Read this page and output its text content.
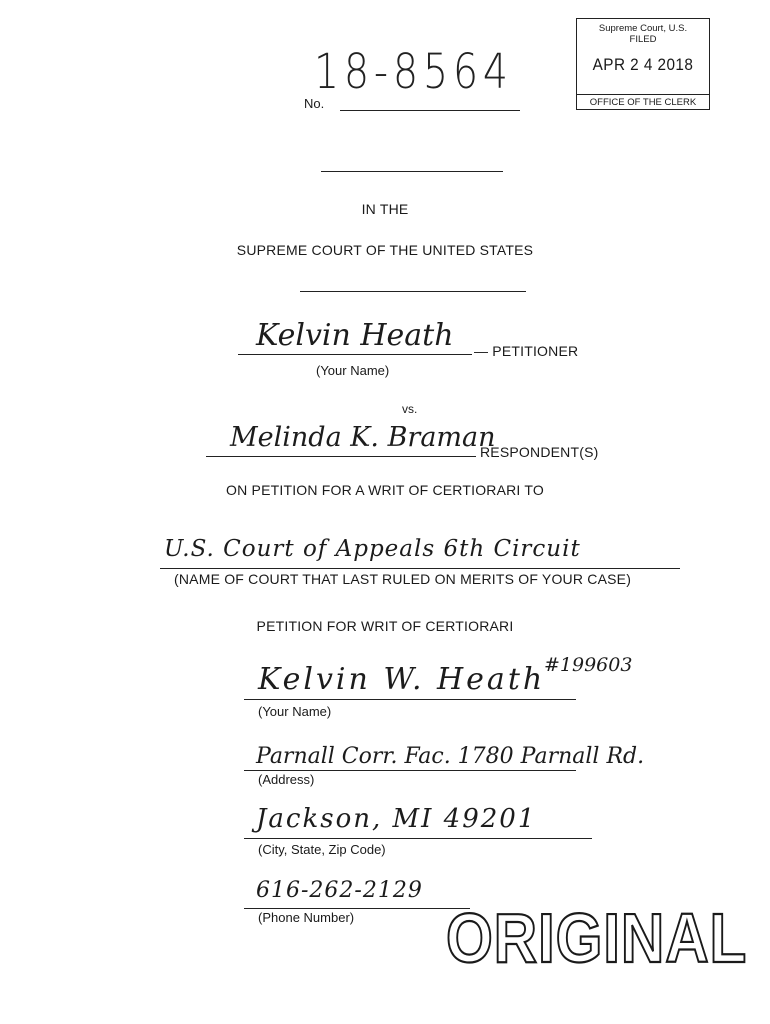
Supreme Court, U.S.
FILED
APR 2 4 2018
OFFICE OF THE CLERK
18-8564
No.
IN THE
SUPREME COURT OF THE UNITED STATES
Kelvin Heath — PETITIONER
(Your Name)
vs.
Melinda K. Braman
RESPONDENT(S)
ON PETITION FOR A WRIT OF CERTIORARI TO
U.S. Court of Appeals 6th Circuit
(NAME OF COURT THAT LAST RULED ON MERITS OF YOUR CASE)
PETITION FOR WRIT OF CERTIORARI
Kelvin W. Heath
#199603
(Your Name)
Parnall Corr. Fac. 1780 Parnall Rd.
(Address)
Jackson, MI 49201
(City, State, Zip Code)
616-262-2129
(Phone Number) ORIGINAL
